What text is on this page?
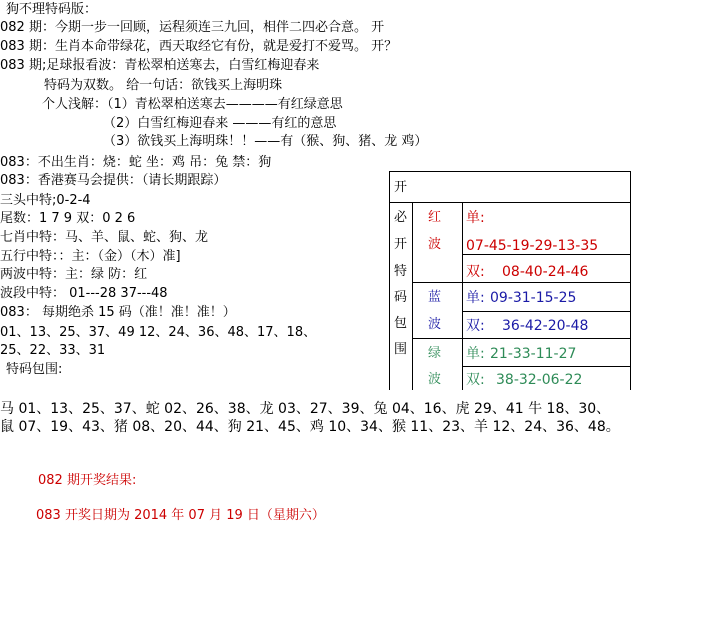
狗不理特码版：
082 期：今期一步一回顾，运程须连三九回，相伴二四必合意。 开
083 期：生肖本命带绿花，西天取经它有份，就是爱打不爱骂。 开？
083 期;足球报看波：青松翠柏送寒去，白雪红梅迎春来
特码为双数。 给一句话：欲钱买上海明珠
个人浅解：（1）青松翠柏送寒去————有红绿意思
（2）白雪红梅迎春来 ———有红的意思
（3）欲钱买上海明珠！！——有（猴、狗、猪、龙 鸡）
083：不出生肖：烧：蛇 坐：鸡 吊：兔 禁：狗
083：香港赛马会提供：（请长期跟踪）
三头中特;0-2-4
尾数：1 7 9 双：0 2 6
七肖中特：马、羊、鼠、蛇、狗、龙
五行中特：：主：（金）（木）准]
两波中特：主：绿 防：红
波段中特： 01---28 37---48
083： 每期绝杀 15 码（准！准！准！）
01、13、25、37、49 12、24、36、48、17、18、
25、22、33、31
特码包围:
马 01、13、25、37、蛇 02、26、38、龙 03、27、39、兔 04、16、虎 29、41 牛 18、30、
鼠 07、19、43、猪 08、20、44、狗 21、45、鸡 10、34、猴 11、23、羊 12、24、36、48。
082 期开奖结果:
083 开奖日期为 2014 年 07 月 19 日（星期六）
开
必
开
特
码
包
围
红
波
单:
07-45-19-29-13-35
双: 08-40-24-46
蓝
波
单: 09-31-15-25
双: 36-42-20-48
绿
波
单: 21-33-11-27
双: 38-32-06-22
